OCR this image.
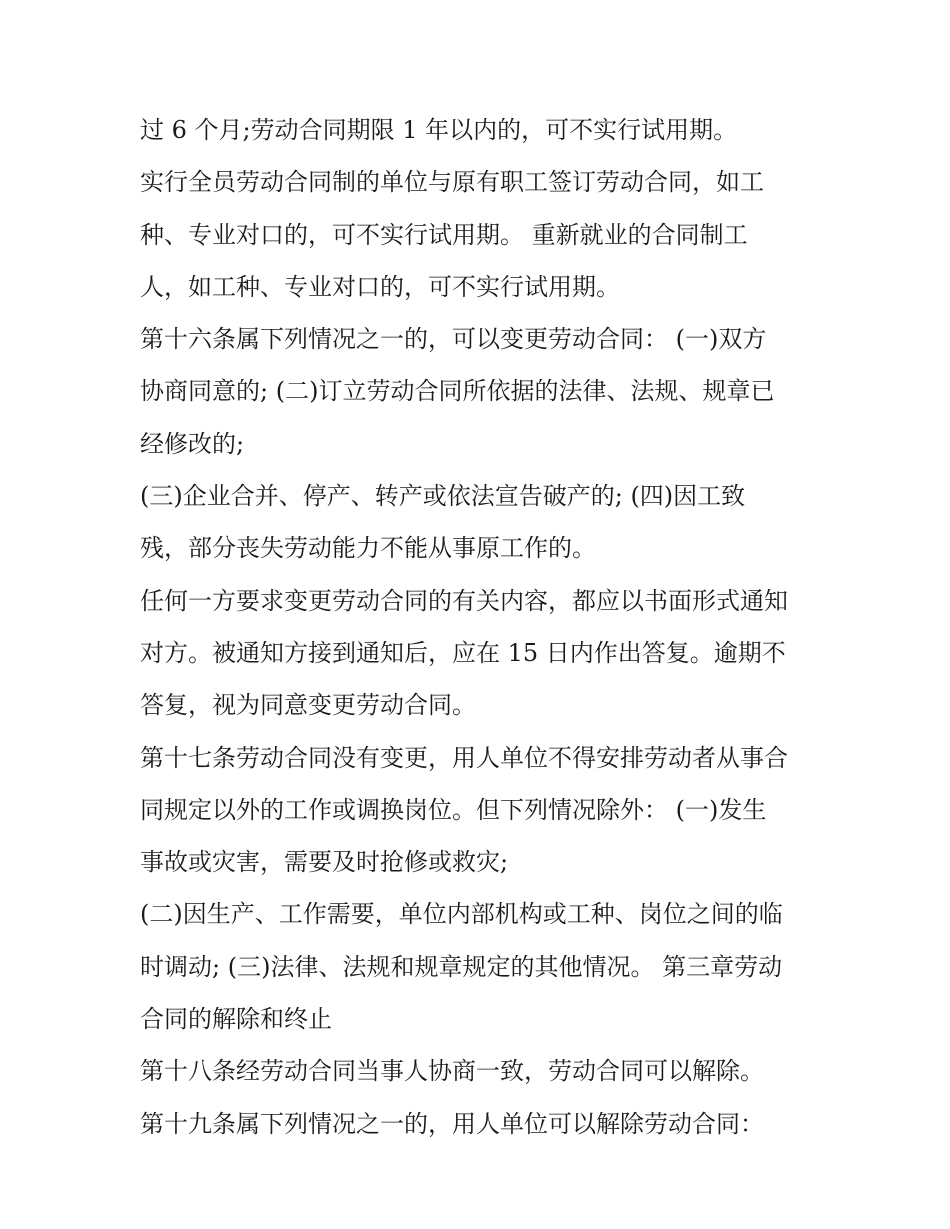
过 6 个月;劳动合同期限 1 年以内的，可不实行试用期。
实行全员劳动合同制的单位与原有职工签订劳动合同，如工
种、专业对口的，可不实行试用期。 重新就业的合同制工
人，如工种、专业对口的，可不实行试用期。
第十六条属下列情况之一的，可以变更劳动合同： (一)双方
协商同意的; (二)订立劳动合同所依据的法律、法规、规章已
经修改的;
(三)企业合并、停产、转产或依法宣告破产的; (四)因工致
残，部分丧失劳动能力不能从事原工作的。
任何一方要求变更劳动合同的有关内容，都应以书面形式通知
对方。被通知方接到通知后，应在 15 日内作出答复。逾期不
答复，视为同意变更劳动合同。
第十七条劳动合同没有变更，用人单位不得安排劳动者从事合
同规定以外的工作或调换岗位。但下列情况除外： (一)发生
事故或灾害，需要及时抢修或救灾;
(二)因生产、工作需要，单位内部机构或工种、岗位之间的临
时调动; (三)法律、法规和规章规定的其他情况。 第三章劳动
合同的解除和终止
第十八条经劳动合同当事人协商一致，劳动合同可以解除。
第十九条属下列情况之一的，用人单位可以解除劳动合同：
